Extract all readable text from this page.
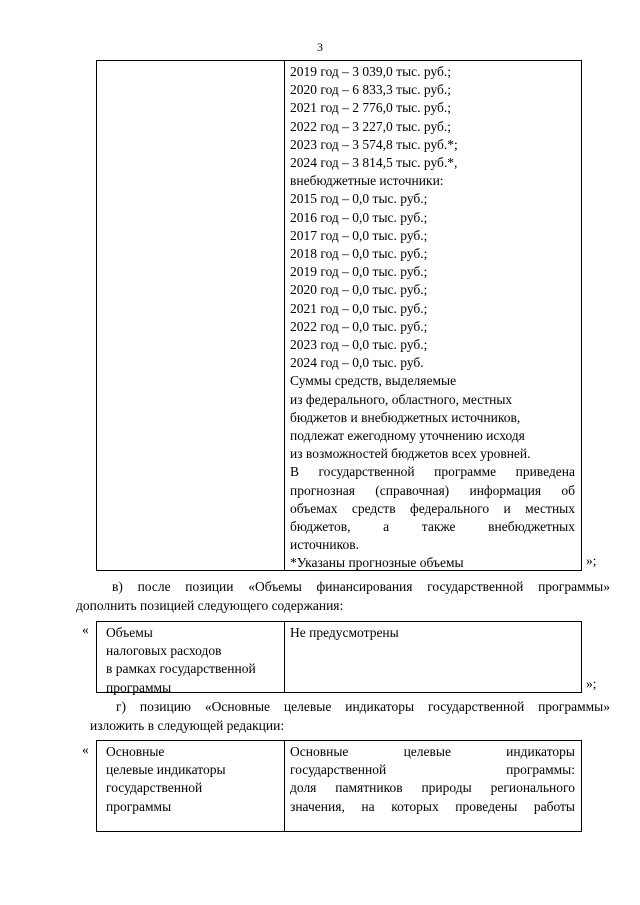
3
2019 год – 3 039,0 тыс. руб.;
2020 год – 6 833,3 тыс. руб.;
2021 год – 2 776,0 тыс. руб.;
2022 год – 3 227,0 тыс. руб.;
2023 год – 3 574,8 тыс. руб.*;
2024 год – 3 814,5 тыс. руб.*,
внебюджетные источники:
2015 год – 0,0 тыс. руб.;
2016 год – 0,0 тыс. руб.;
2017 год – 0,0 тыс. руб.;
2018 год – 0,0 тыс. руб.;
2019 год – 0,0 тыс. руб.;
2020 год – 0,0 тыс. руб.;
2021 год – 0,0 тыс. руб.;
2022 год – 0,0 тыс. руб.;
2023 год – 0,0 тыс. руб.;
2024 год – 0,0 тыс. руб.
Суммы средств, выделяемые
из федерального, областного, местных
бюджетов и внебюджетных источников,
подлежат ежегодному уточнению исходя
из возможностей бюджетов всех уровней.
В государственной программе приведена
прогнозная (справочная) информация об
объемах средств федерального и местных
бюджетов, а также внебюджетных
источников.
*Указаны прогнозные объемы	»;
в) после позиции «Объемы финансирования государственной программы»
дополнить позицией следующего содержания:
« Объемы
налоговых расходов
в рамках государственной
программы
Не предусмотрены
»;
г) позицию «Основные целевые индикаторы государственной программы»
изложить в следующей редакции:
« Основные
целевые индикаторы
государственной
программы
Основные целевые индикаторы
государственной программы:
доля памятников природы регионального
значения, на которых проведены работы
